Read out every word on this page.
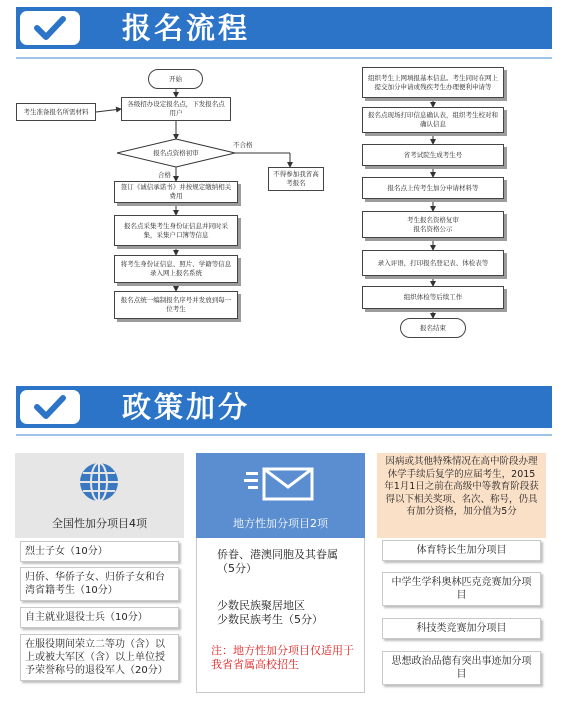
报名流程
开始
考生准备报名所需材料
各级招办设定报名点，下发报名点用户
报名点资格初审
不合格
不得参加我省高考报名
合格
签订《诚信承诺书》并按规定缴纳相关费用
报名点采集考生身份证信息并同时采集，采集户口簿等信息
将考生身份证信息、照片、学籍等信息录入网上报名系统
报名点统一编制报名序号并发放到每一位考生
组织考生上网填报基本信息。考生同时在网上提交加分申请或残疾考生办理便利申请等
报名点现场打印信息确认表，组织考生校对和确认信息
省考试院生成考生号
报名点上传考生加分申请材料等
考生报名资格复审
报名资格公示
录入评语，打印报名登记表、体检表等
组织体检等后续工作
报名结束
政策加分
全国性加分项目4项
烈士子女（10分）
归侨、华侨子女、归侨子女和台湾省籍考生（10分）
自主就业退役士兵（10分）
在服役期间荣立二等功（含）以上或被大军区（含）以上单位授予荣誉称号的退役军人（20分）
地方性加分项目2项
侨眷、港澳同胞及其眷属（5分）
少数民族聚居地区
少数民族考生（5分）
注：地方性加分项目仅适用于我省省属高校招生
因病或其他特殊情况在高中阶段办理休学手续后复学的应届考生，2015年1月1日之前在高级中等教育阶段获得以下相关奖项、名次、称号，仍具有加分资格，加分值为5分
体育特长生加分项目
中学生学科奥林匹克竞赛加分项目
科技类竞赛加分项目
思想政治品德有突出事迹加分项目
